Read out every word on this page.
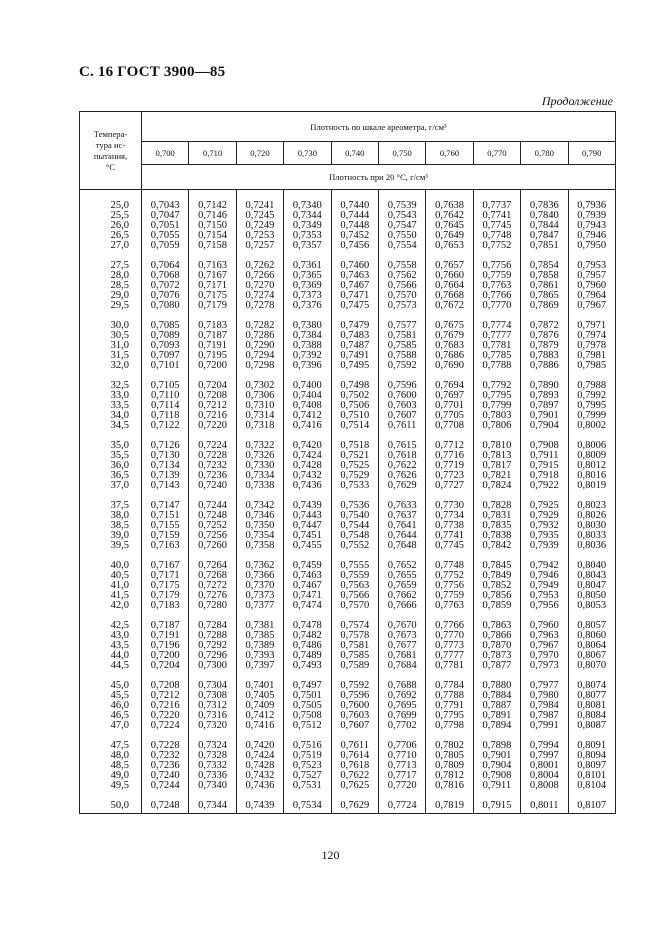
С. 16 ГОСТ 3900—85
Продолжение
Темпера-
тура ис-
пытания,
°С	Плотность по шкале ареометра, г/см³									
	0,700	0,710	0,720	0,730	0,740	0,750	0,760	0,770	0,780	0,790
	Плотность при 20 °С, г/см³									
25,0	0,7043	0,7142	0,7241	0,7340	0,7440	0,7539	0,7638	0,7737	0,7836	0,7936
25,5	0,7047	0,7146	0,7245	0,7344	0,7444	0,7543	0,7642	0,7741	0,7840	0,7939
26,0	0,7051	0,7150	0,7249	0,7349	0,7448	0,7547	0,7645	0,7745	0,7844	0,7943
26,5	0,7055	0,7154	0,7253	0,7353	0,7452	0,7550	0,7649	0,7748	0,7847	0,7946
27,0	0,7059	0,7158	0,7257	0,7357	0,7456	0,7554	0,7653	0,7752	0,7851	0,7950
27,5	0,7064	0,7163	0,7262	0,7361	0,7460	0,7558	0,7657	0,7756	0,7854	0,7953
28,0	0,7068	0,7167	0,7266	0,7365	0,7463	0,7562	0,7660	0,7759	0,7858	0,7957
28,5	0,7072	0,7171	0,7270	0,7369	0,7467	0,7566	0,7664	0,7763	0,7861	0,7960
29,0	0,7076	0,7175	0,7274	0,7373	0,7471	0,7570	0,7668	0,7766	0,7865	0,7964
29,5	0,7080	0,7179	0,7278	0,7376	0,7475	0,7573	0,7672	0,7770	0,7869	0,7967
30,0	0,7085	0,7183	0,7282	0,7380	0,7479	0,7577	0,7675	0,7774	0,7872	0,7971
30,5	0,7089	0,7187	0,7286	0,7384	0,7483	0,7581	0,7679	0,7777	0,7876	0,7974
31,0	0,7093	0,7191	0,7290	0,7388	0,7487	0,7585	0,7683	0,7781	0,7879	0,7978
31,5	0,7097	0,7195	0,7294	0,7392	0,7491	0,7588	0,7686	0,7785	0,7883	0,7981
32,0	0,7101	0,7200	0,7298	0,7396	0,7495	0,7592	0,7690	0,7788	0,7886	0,7985
32,5	0,7105	0,7204	0,7302	0,7400	0,7498	0,7596	0,7694	0,7792	0,7890	0,7988
33,0	0,7110	0,7208	0,7306	0,7404	0,7502	0,7600	0,7697	0,7795	0,7893	0,7992
33,5	0,7114	0,7212	0,7310	0,7408	0,7506	0,7603	0,7701	0,7799	0,7897	0,7995
34,0	0,7118	0,7216	0,7314	0,7412	0,7510	0,7607	0,7705	0,7803	0,7901	0,7999
34,5	0,7122	0,7220	0,7318	0,7416	0,7514	0,7611	0,7708	0,7806	0,7904	0,8002
35,0	0,7126	0,7224	0,7322	0,7420	0,7518	0,7615	0,7712	0,7810	0,7908	0,8006
35,5	0,7130	0,7228	0,7326	0,7424	0,7521	0,7618	0,7716	0,7813	0,7911	0,8009
36,0	0,7134	0,7232	0,7330	0,7428	0,7525	0,7622	0,7719	0,7817	0,7915	0,8012
36,5	0,7139	0,7236	0,7334	0,7432	0,7529	0,7626	0,7723	0,7821	0,7918	0,8016
37,0	0,7143	0,7240	0,7338	0,7436	0,7533	0,7629	0,7727	0,7824	0,7922	0,8019
37,5	0,7147	0,7244	0,7342	0,7439	0,7536	0,7633	0,7730	0,7828	0,7925	0,8023
38,0	0,7151	0,7248	0,7346	0,7443	0,7540	0,7637	0,7734	0,7831	0,7929	0,8026
38,5	0,7155	0,7252	0,7350	0,7447	0,7544	0,7641	0,7738	0,7835	0,7932	0,8030
39,0	0,7159	0,7256	0,7354	0,7451	0,7548	0,7644	0,7741	0,7838	0,7935	0,8033
39,5	0,7163	0,7260	0,7358	0,7455	0,7552	0,7648	0,7745	0,7842	0,7939	0,8036
40,0	0,7167	0,7264	0,7362	0,7459	0,7555	0,7652	0,7748	0,7845	0,7942	0,8040
40,5	0,7171	0,7268	0,7366	0,7463	0,7559	0,7655	0,7752	0,7849	0,7946	0,8043
41,0	0,7175	0,7272	0,7370	0,7467	0,7563	0,7659	0,7756	0,7852	0,7949	0,8047
41,5	0,7179	0,7276	0,7373	0,7471	0,7566	0,7662	0,7759	0,7856	0,7953	0,8050
42,0	0,7183	0,7280	0,7377	0,7474	0,7570	0,7666	0,7763	0,7859	0,7956	0,8053
42,5	0,7187	0,7284	0,7381	0,7478	0,7574	0,7670	0,7766	0,7863	0,7960	0,8057
43,0	0,7191	0,7288	0,7385	0,7482	0,7578	0,7673	0,7770	0,7866	0,7963	0,8060
43,5	0,7196	0,7292	0,7389	0,7486	0,7581	0,7677	0,7773	0,7870	0,7967	0,8064
44,0	0,7200	0,7296	0,7393	0,7489	0,7585	0,7681	0,7777	0,7873	0,7970	0,8067
44,5	0,7204	0,7300	0,7397	0,7493	0,7589	0,7684	0,7781	0,7877	0,7973	0,8070
45,0	0,7208	0,7304	0,7401	0,7497	0,7592	0,7688	0,7784	0,7880	0,7977	0,8074
45,5	0,7212	0,7308	0,7405	0,7501	0,7596	0,7692	0,7788	0,7884	0,7980	0,8077
46,0	0,7216	0,7312	0,7409	0,7505	0,7600	0,7695	0,7791	0,7887	0,7984	0,8081
46,5	0,7220	0,7316	0,7412	0,7508	0,7603	0,7699	0,7795	0,7891	0,7987	0,8084
47,0	0,7224	0,7320	0,7416	0,7512	0,7607	0,7702	0,7798	0,7894	0,7991	0,8087
47,5	0,7228	0,7324	0,7420	0,7516	0,7611	0,7706	0,7802	0,7898	0,7994	0,8091
48,0	0,7232	0,7328	0,7424	0,7519	0,7614	0,7710	0,7805	0,7901	0,7997	0,8094
48,5	0,7236	0,7332	0,7428	0,7523	0,7618	0,7713	0,7809	0,7904	0,8001	0,8097
49,0	0,7240	0,7336	0,7432	0,7527	0,7622	0,7717	0,7812	0,7908	0,8004	0,8101
49,5	0,7244	0,7340	0,7436	0,7531	0,7625	0,7720	0,7816	0,7911	0,8008	0,8104
50,0	0,7248	0,7344	0,7439	0,7534	0,7629	0,7724	0,7819	0,7915	0,8011	0,8107
120
